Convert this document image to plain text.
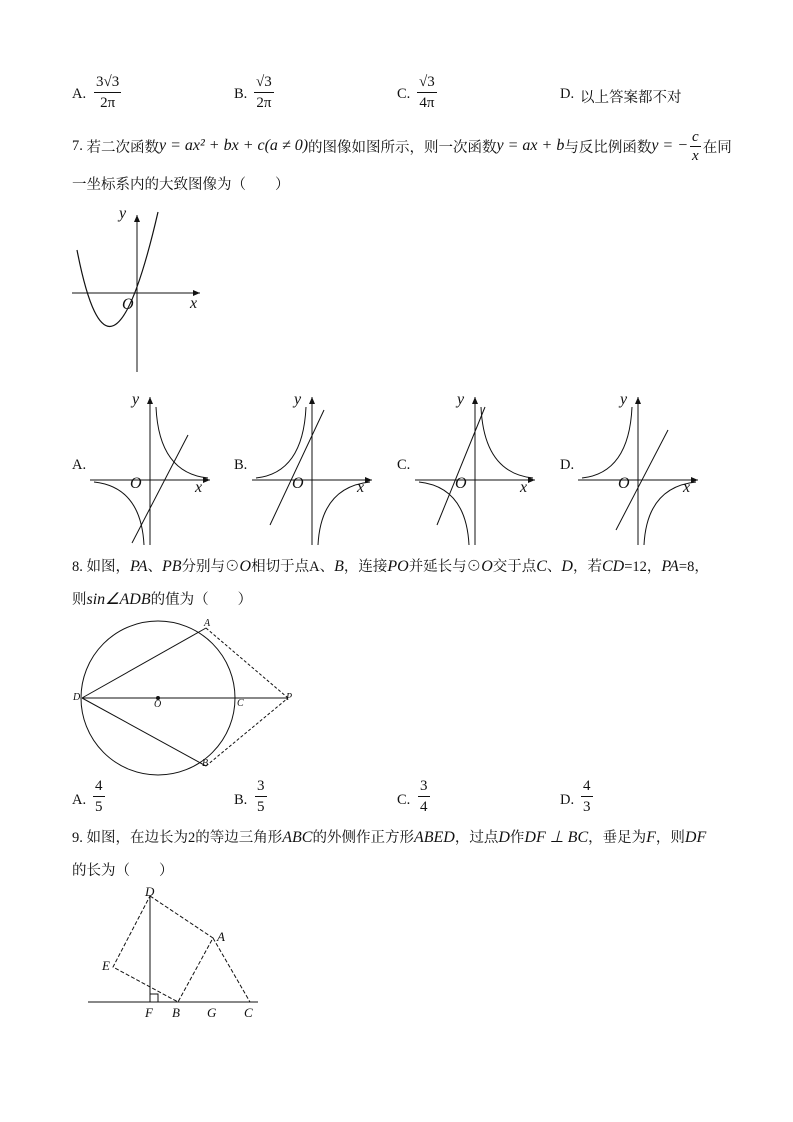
A. $\frac{3√3}{2\pi}$	B. $\frac{√3}{2\pi}$	C. $\frac{√3}{4\pi}$	D. 以上答案都不对
7.
若二次函数 y = ax² + bx + c(a ≠ 0) 的图像如图所示，则一次函数 y = ax + b 与反比例函数 y = − $\frac{c}{x}$ 在同
一坐标系内的大致图像为（　　）
y
x
O
A.
y
x
O
B.
y
x
O
C.
y
x
O
D.
y
x
O
8. 如图，PA、PB分别与⊙O相切于点A、B，连接PO并延长与⊙O交于点C、D，若CD=12，PA=8，
则sin∠ADB的值为（　　）
A
B
C
D
O
P
A. $\frac{4}{5}$	B. $\frac{3}{5}$	C. $\frac{3}{4}$	D. $\frac{4}{3}$
9. 如图，在边长为2的等边三角形ABC的外侧作正方形ABED，过点D作DF ⊥ BC，垂足为F，则DF
的长为（　　）
D
A
E
F B G C
